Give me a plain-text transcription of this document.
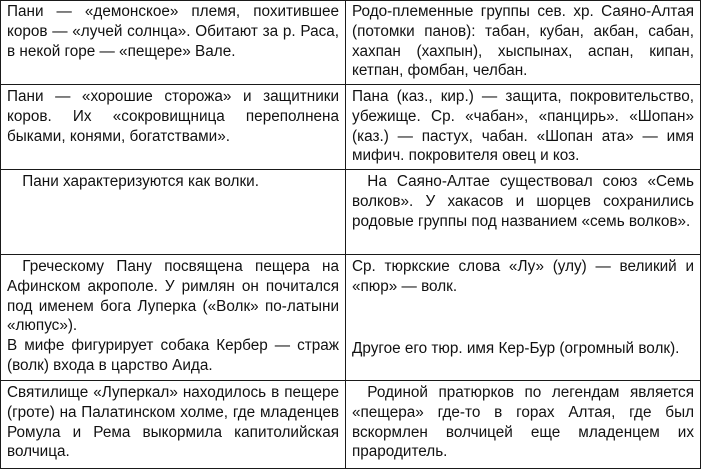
Пани — «демонское» племя, похитившее коров — «лучей солнца». Обитают за р. Раса, в некой горе — «пещере» Вале.

Родо-племенные группы сев. хр. Саяно-Алтая (потомки панов): табан, кубан, акбан, сабан, хахпан (хахпын), хыспынах, аспан, кипан, кетпан, фомбан, челбан.

Пани — «хорошие сторожа» и защитники коров. Их «сокровищница переполнена быками, конями, богатствами».

Пана (каз., кир.) — защита, покровительство, убежище. Ср. «чабан», «панцирь». «Шопан» (каз.) — пастух, чабан. «Шопан ата» — имя мифич. покровителя овец и коз.

Пани характеризуются как волки.	На Саяно-Алтае существовал союз «Семь волков». У хакасов и шорцев сохранились родовые группы под названием «семь волков».

Греческому Пану посвящена пещера на Афинском акрополе. У римлян он почитался под именем бога Луперка («Волк» по-латыни «люпус»).

В мифе фигурирует собака Кербер — страж (волк) входа в царство Аида.

Ср. тюркские слова «Лу» (улу) — великий и «пюр» — волк.

Другое его тюр. имя Кер-Бур (огромный волк).

Святилище «Луперкал» находилось в пещере (гроте) на Палатинском холме, где младенцев Ромула и Рема выкормила капитолийская волчица.

Родиной пратюрков по легендам является «пещера» где-то в горах Алтая, где был вскормлен волчицей еще младенцем их прародитель.
